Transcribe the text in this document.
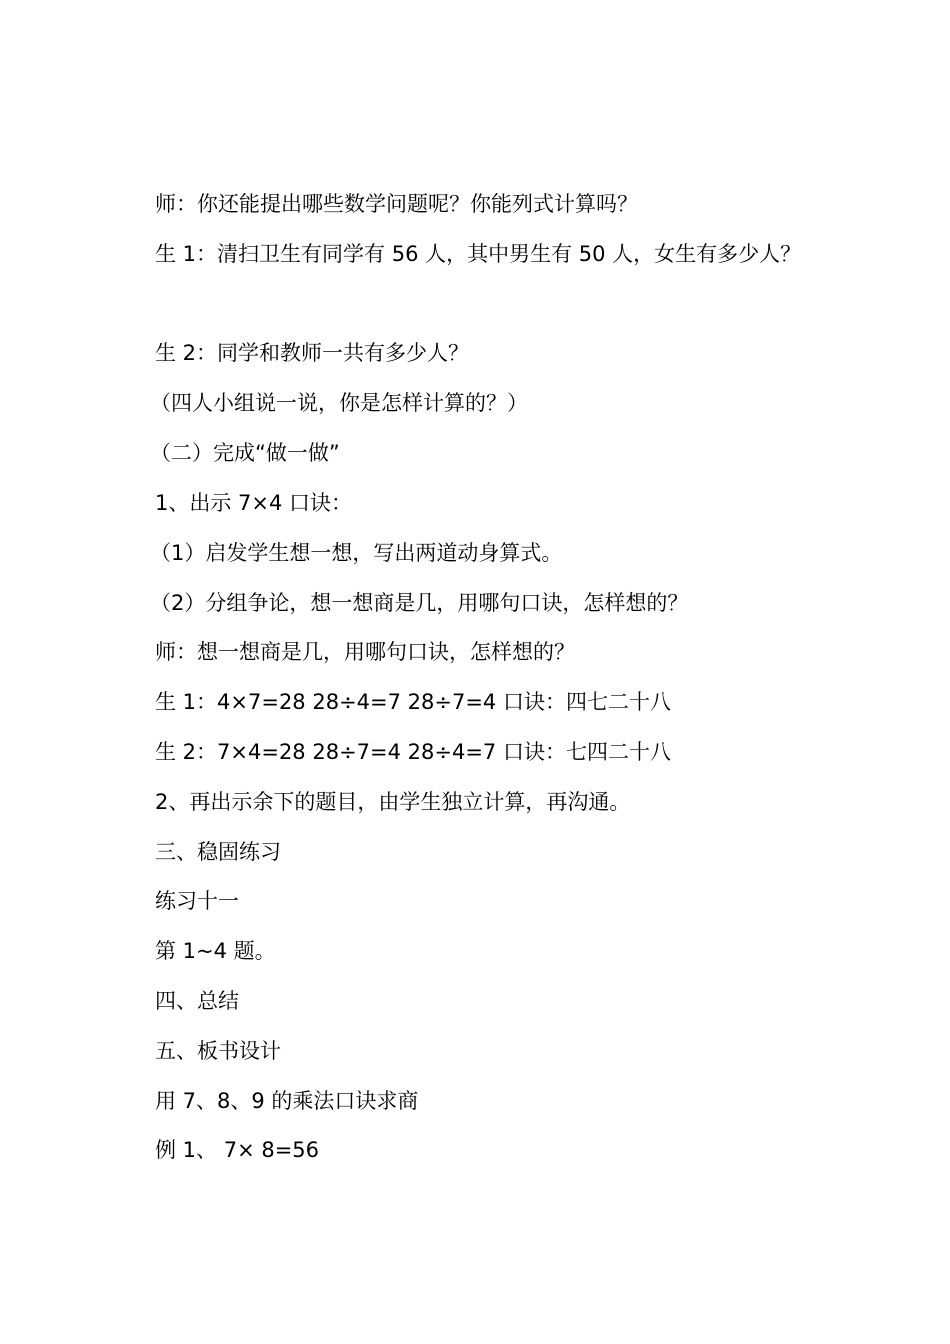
师：你还能提出哪些数学问题呢？你能列式计算吗？
生 1：清扫卫生有同学有 56 人，其中男生有 50 人，女生有多少人？
生 2：同学和教师一共有多少人？
（四人小组说一说，你是怎样计算的？）
（二）完成“做一做”
1、出示 7×4 口诀：
（1）启发学生想一想，写出两道动身算式。
（2）分组争论，想一想商是几，用哪句口诀，怎样想的？
师：想一想商是几，用哪句口诀，怎样想的？
生 1：4×7=28 28÷4=7 28÷7=4 口诀：四七二十八
生 2：7×4=28 28÷7=4 28÷4=7 口诀：七四二十八
2、再出示余下的题目，由学生独立计算，再沟通。
三、稳固练习
练习十一
第 1~4 题。
四、总结
五、板书设计
用 7、8、9 的乘法口诀求商
例 1、 7× 8=56
